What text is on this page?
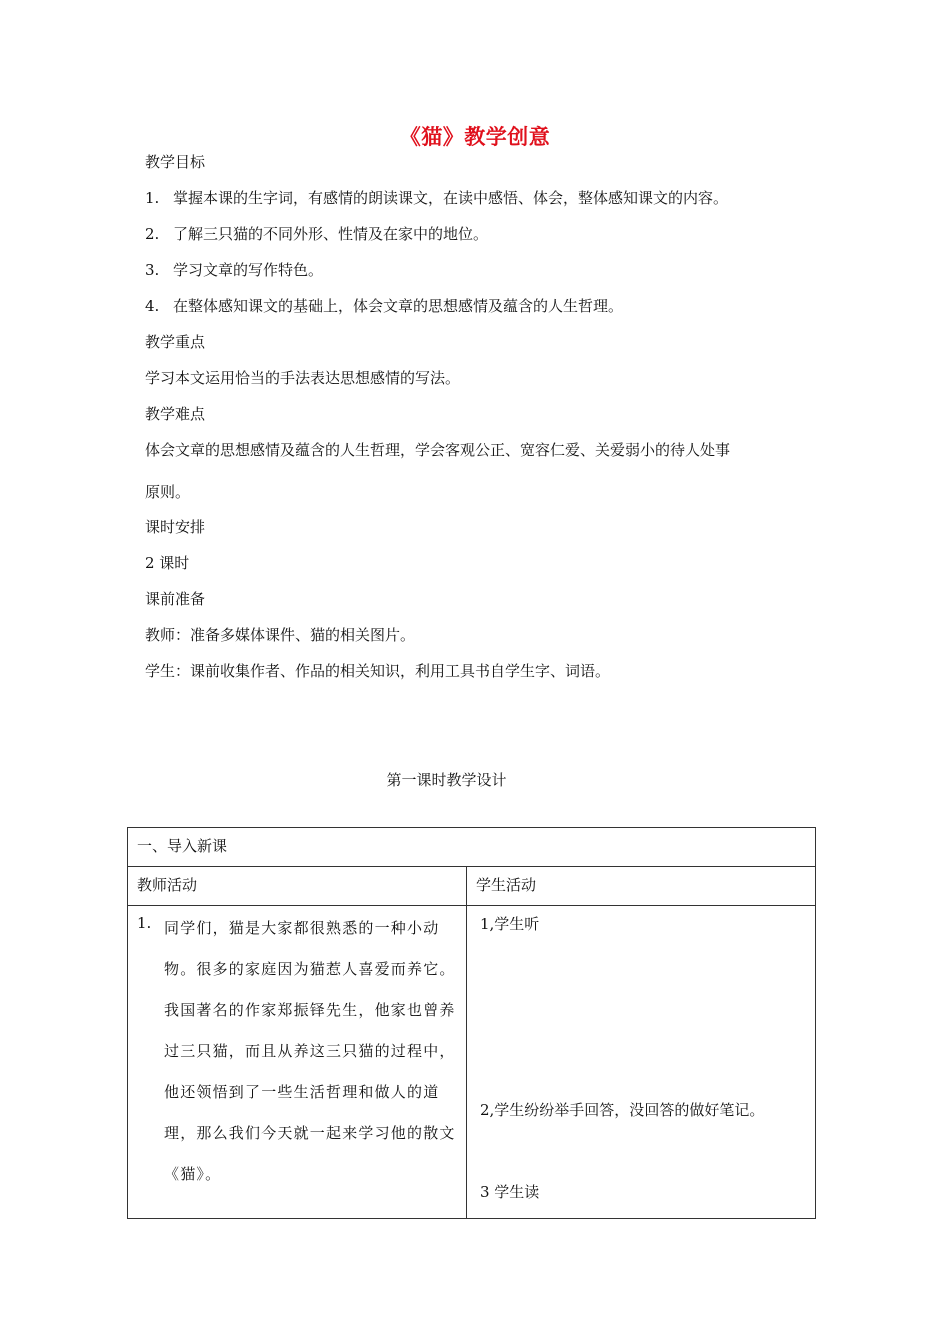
《猫》教学创意
教学目标
1. 掌握本课的生字词，有感情的朗读课文，在读中感悟、体会，整体感知课文的内容。
2. 了解三只猫的不同外形、性情及在家中的地位。
3. 学习文章的写作特色。
4. 在整体感知课文的基础上，体会文章的思想感情及蕴含的人生哲理。
教学重点
学习本文运用恰当的手法表达思想感情的写法。
教学难点
体会文章的思想感情及蕴含的人生哲理，学会客观公正、宽容仁爱、关爱弱小的待人处事
原则。
课时安排
2 课时
课前准备
教师：准备多媒体课件、猫的相关图片。
学生：课前收集作者、作品的相关知识，利用工具书自学生字、词语。
第一课时教学设计
一、导入新课	

教师活动	学生活动

1. 同学们，猫是大家都很熟悉的一种小动物。很多的家庭因为猫惹人喜爱而养它。我国著名的作家郑振铎先生，他家也曾养过三只猫，而且从养这三只猫的过程中，他还领悟到了一些生活哲理和做人的道理，那么我们今天就一起来学习他的散文《猫》。	1,学生听
2,学生纷纷举手回答，没回答的做好笔记。
3 学生读
